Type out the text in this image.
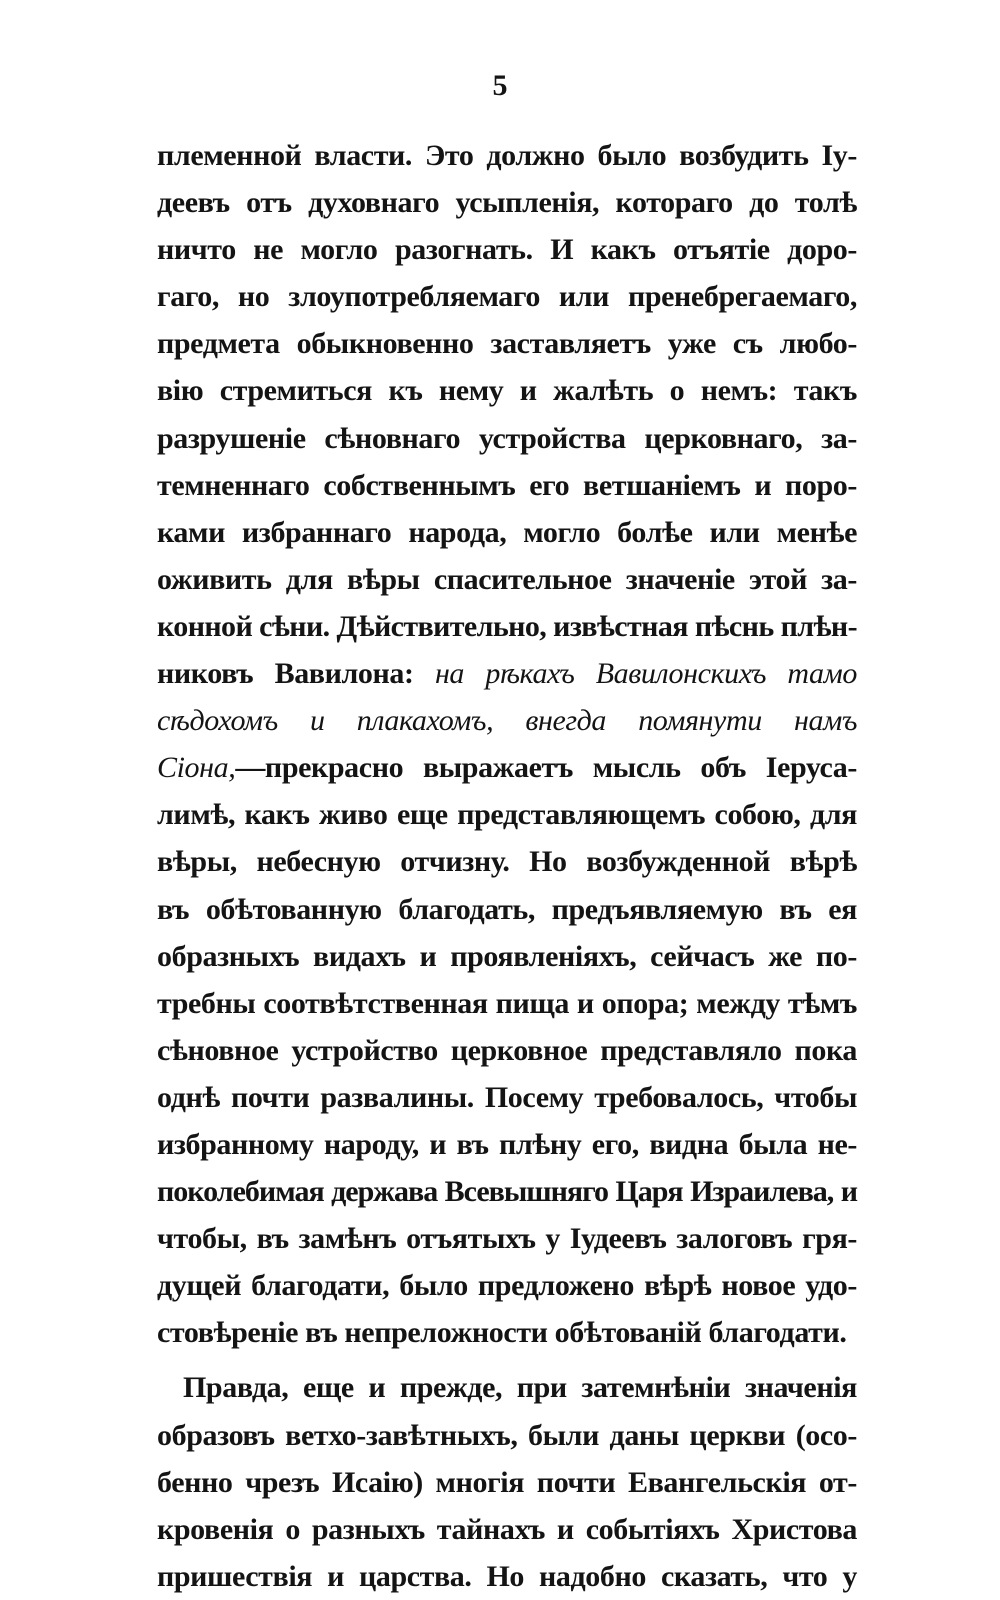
5
племенной власти. Это должно было возбудить Іу-
деевъ отъ духовнаго усыпленія, котораго до толѣ
ничто не могло разогнать. И какъ отъятіе дорo-
гаго, но злоупотребляемаго или пренебрегаемаго,
предмета обыкновенно заставляетъ уже съ любо-
вію стремиться къ нему и жалѣть о немъ: такъ
разрушеніе сѣновнаго устройства церковнаго, за-
темненнаго собственнымъ его ветшаніемъ и поро-
ками избраннаго народа, могло болѣе или менѣе
оживить для вѣры спасительное значеніе этой за-
конной сѣни. Дѣйствительно, извѣстная пѣснь плѣн-
никовъ Вавилона: на рѣкахъ Вавилонскихъ тамо
сѣдохомъ и плакахомъ, внегда помянути намъ
Сіона,—прекрасно выражаетъ мысль объ Іеруса-
лимѣ, какъ живо еще представляющемъ собою, для
вѣры, небесную отчизну. Но возбужденной вѣрѣ
въ обѣтованную благодать, предъявляемую въ ея
образныхъ видахъ и проявленіяхъ, сейчасъ же по-
требны соотвѣтственная пища и опора; между тѣмъ
сѣновное устройство церковное представляло пока
однѣ почти развалины. Посему требовалось, чтобы
избранному народу, и въ плѣну его, видна была не-
поколебимая держава Всевышняго Царя Израилева, и
чтобы, въ замѣнъ отъятыхъ у Іудеевъ залоговъ гря-
дущей благодати, было предложено вѣрѣ новое удо-
стовѣреніе въ непреложности обѣтованій благодати.
Правда, еще и прежде, при затемнѣніи значенія
образовъ ветхо-завѣтныхъ, были даны церкви (осо-
бенно чрезъ Исаію) многія почти Евангельскія от-
кровенія о разныхъ тайнахъ и событіяхъ Христова
пришествія и царства. Но надобно сказать, что у
